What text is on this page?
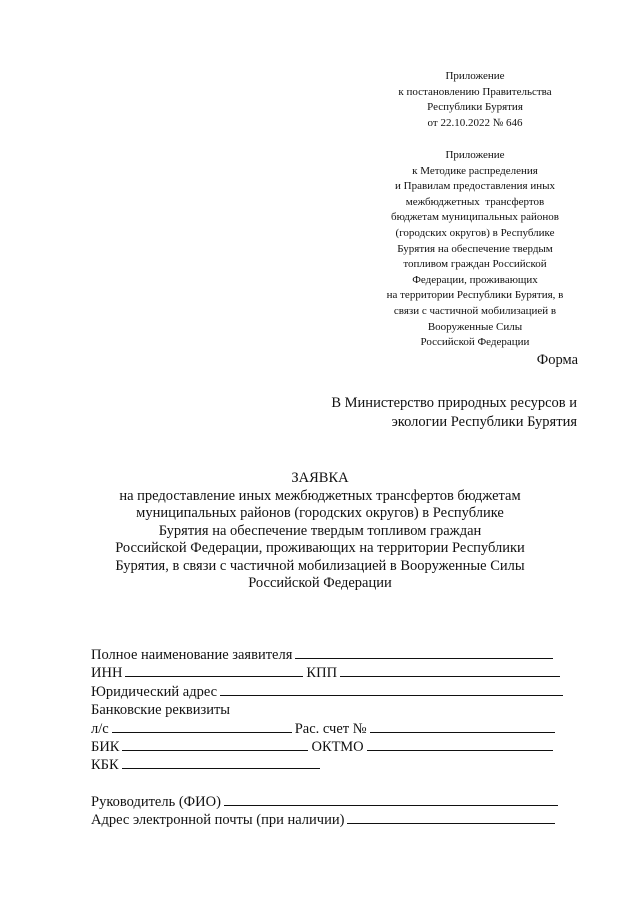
Приложение
к постановлению Правительства
Республики Бурятия
от 22.10.2022 № 646
Приложение
к Методике распределения
и Правилам предоставления иных
межбюджетных  трансфертов
бюджетам муниципальных районов
(городских округов) в Республике
Бурятия на обеспечение твердым
топливом граждан Российской
Федерации, проживающих
на территории Республики Бурятия, в
связи с частичной мобилизацией в
Вооруженные Силы
Российской Федерации
Форма
В Министерство природных ресурсов и
экологии Республики Бурятия
ЗАЯВКА
на предоставление иных межбюджетных трансфертов бюджетам
муниципальных районов (городских округов) в Республике
Бурятия на обеспечение твердым топливом граждан
Российской Федерации, проживающих на территории Республики
Бурятия, в связи с частичной мобилизацией в Вооруженные Силы
Российской Федерации
Полное наименование заявителя
ИНН	КПП
Юридический адрес
Банковские реквизиты
л/с	Рас. счет №
БИК	ОКТМО
КБК
Руководитель (ФИО)
Адрес электронной почты (при наличии)
